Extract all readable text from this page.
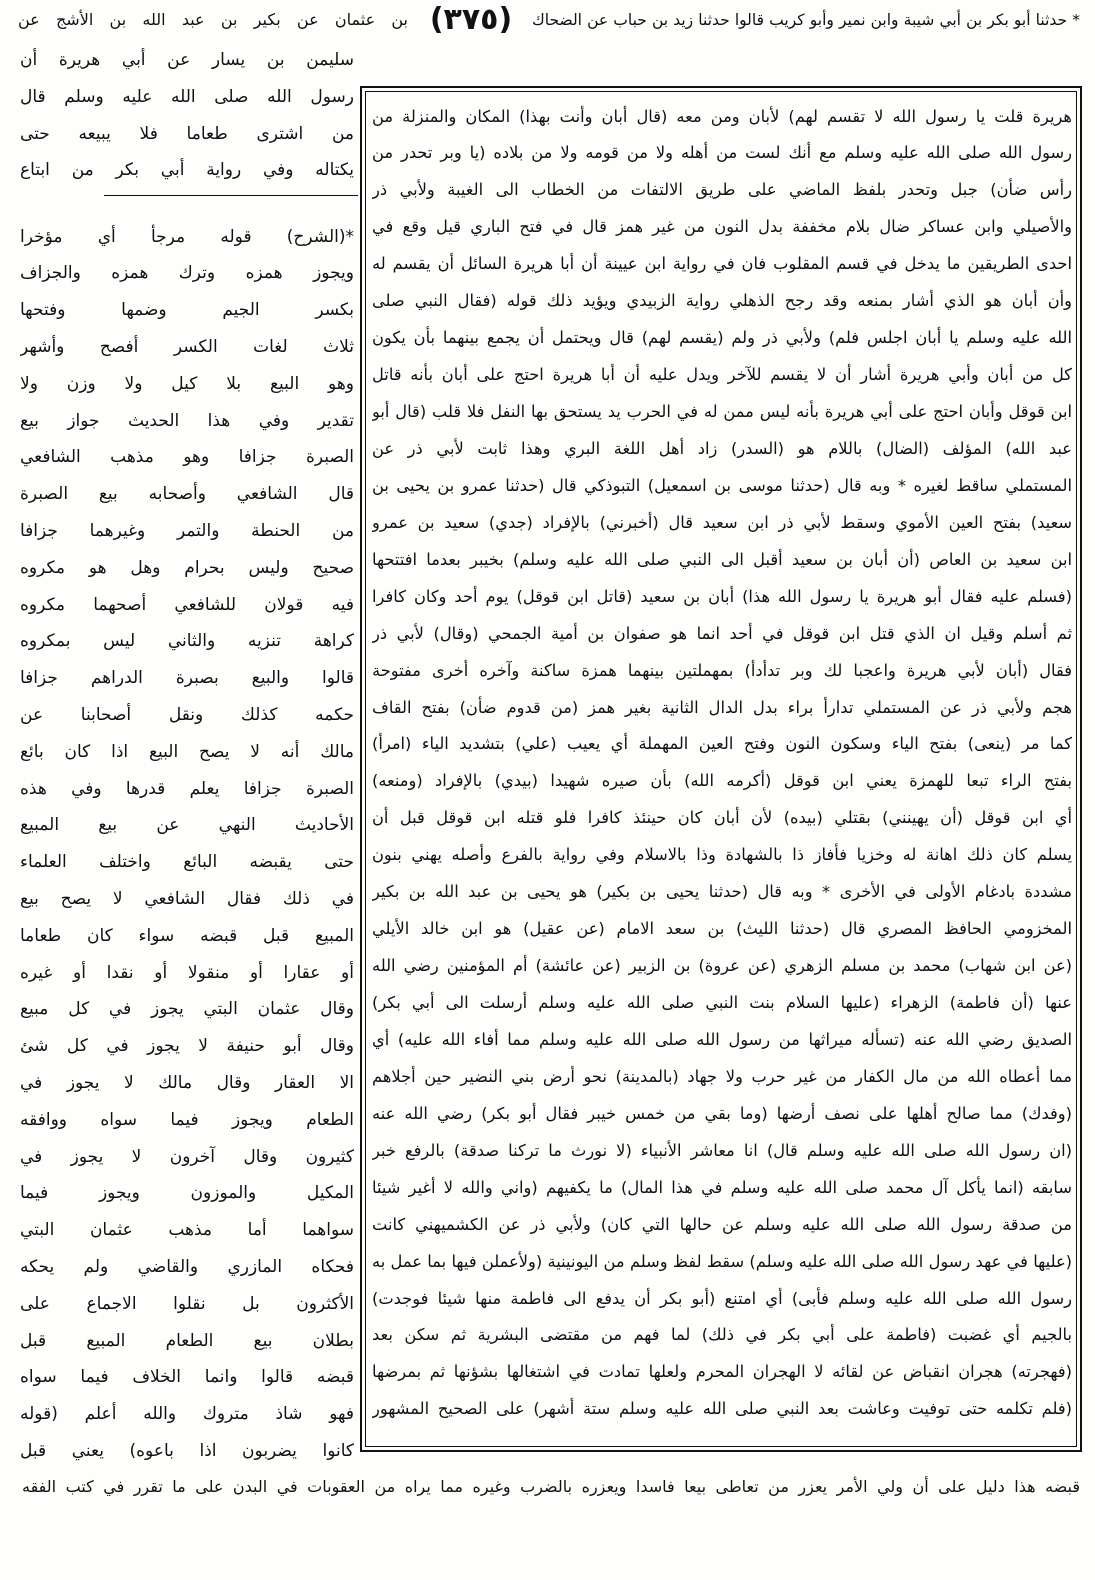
* حدثنا أبو بكر بن أبي شيبة وابن نمير وأبو كريب قالوا حدثنا زيد بن حباب عن الضحاك
(٣٧٥)
بن عثمان عن بكير بن عبد الله بن الأشج عن
سليمن بن يسار عن أبي هريرة أن
رسول الله صلى الله عليه وسلم قال
من اشترى طعاما فلا يبيعه حتى
يكتاله وفي رواية أبي بكر من ابتاع
*(الشرح) قوله مرجأ أي مؤخرا
ويجوز همزه وترك همزه والجزاف
بكسر الجيم وضمها وفتحها
ثلاث لغات الكسر أفصح وأشهر
وهو البيع بلا كيل ولا وزن ولا
تقدير وفي هذا الحديث جواز بيع
الصبرة جزافا وهو مذهب الشافعي
قال الشافعي وأصحابه بيع الصبرة
من الحنطة والتمر وغيرهما جزافا
صحيح وليس بحرام وهل هو مكروه
فيه قولان للشافعي أصحهما مكروه
كراهة تنزيه والثاني ليس بمكروه
قالوا والبيع بصبرة الدراهم جزافا
حكمه كذلك ونقل أصحابنا عن
مالك أنه لا يصح البيع اذا كان بائع
الصبرة جزافا يعلم قدرها وفي هذه
الأحاديث النهي عن بيع المبيع
حتى يقبضه البائع واختلف العلماء
في ذلك فقال الشافعي لا يصح بيع
المبيع قبل قبضه سواء كان طعاما
أو عقارا أو منقولا أو نقدا أو غيره
وقال عثمان البتي يجوز في كل مبيع
وقال أبو حنيفة لا يجوز في كل شئ
الا العقار وقال مالك لا يجوز في
الطعام ويجوز فيما سواه ووافقه
كثيرون وقال آخرون لا يجوز في
المكيل والموزون ويجوز فيما
سواهما أما مذهب عثمان البتي
فحكاه المازري والقاضي ولم يحكه
الأكثرون بل نقلوا الاجماع على
بطلان بيع الطعام المبيع قبل
قبضه قالوا وانما الخلاف فيما سواه
فهو شاذ متروك والله أعلم (قوله
كانوا يضربون اذا باعوه) يعني قبل
هريرة قلت يا رسول الله لا تقسم لهم) لأبان ومن معه (قال أبان وأنت بهذا) المكان والمنزلة من
رسول الله صلى الله عليه وسلم مع أنك لست من أهله ولا من قومه ولا من بلاده (يا وبر تحدر من
رأس ضأن) جبل وتحدر بلفظ الماضي على طريق الالتفات من الخطاب الى الغيبة ولأبي ذر
والأصيلي وابن عساكر ضال بلام مخففة بدل النون من غير همز قال في فتح الباري قيل وقع في
احدى الطريقين ما يدخل في قسم المقلوب فان في رواية ابن عيينة أن أبا هريرة السائل أن يقسم له
وأن أبان هو الذي أشار بمنعه وقد رجح الذهلي رواية الزبيدي ويؤيد ذلك قوله (فقال النبي صلى
الله عليه وسلم يا أبان اجلس فلم) ولأبي ذر ولم (يقسم لهم) قال ويحتمل أن يجمع بينهما بأن يكون
كل من أبان وأبي هريرة أشار أن لا يقسم للآخر ويدل عليه أن أبا هريرة احتج على أبان بأنه قاتل
ابن قوقل وأبان احتج على أبي هريرة بأنه ليس ممن له في الحرب يد يستحق بها النفل فلا قلب (قال أبو
عبد الله) المؤلف (الضال) باللام هو (السدر) زاد أهل اللغة البري وهذا ثابت لأبي ذر عن
المستملي ساقط لغيره * وبه قال (حدثنا موسى بن اسمعيل) التبوذكي قال (حدثنا عمرو بن يحيى بن
سعيد) بفتح العين الأموي وسقط لأبي ذر ابن سعيد قال (أخبرني) بالإفراد (جدي) سعيد بن عمرو
ابن سعيد بن العاص (أن أبان بن سعيد أقبل الى النبي صلى الله عليه وسلم) بخيبر بعدما افتتحها
(فسلم عليه فقال أبو هريرة يا رسول الله هذا) أبان بن سعيد (قاتل ابن قوقل) يوم أحد وكان كافرا
ثم أسلم وقيل ان الذي قتل ابن قوقل في أحد انما هو صفوان بن أمية الجمحي (وقال) لأبي ذر
فقال (أبان لأبي هريرة واعجبا لك وبر تدأدأ) بمهملتين بينهما همزة ساكنة وآخره أخرى مفتوحة
هجم ولأبي ذر عن المستملي تدارأ براء بدل الدال الثانية بغير همز (من قدوم ضأن) بفتح القاف
كما مر (ينعى) بفتح الياء وسكون النون وفتح العين المهملة أي يعيب (علي) بتشديد الياء (امرأ)
بفتح الراء تبعا للهمزة يعني ابن قوقل (أكرمه الله) بأن صيره شهيدا (بيدي) بالإفراد (ومنعه)
أي ابن قوقل (أن يهينني) بقتلي (بيده) لأن أبان كان حينئذ كافرا فلو قتله ابن قوقل قبل أن
يسلم كان ذلك اهانة له وخزيا فأفاز ذا بالشهادة وذا بالاسلام وفي رواية بالفرع وأصله يهني بنون
مشددة بادغام الأولى في الأخرى * وبه قال (حدثنا يحيى بن بكير) هو يحيى بن عبد الله بن بكير
المخزومي الحافظ المصري قال (حدثنا الليث) بن سعد الامام (عن عقيل) هو ابن خالد الأيلي
(عن ابن شهاب) محمد بن مسلم الزهري (عن عروة) بن الزبير (عن عائشة) أم المؤمنين رضي الله
عنها (أن فاطمة) الزهراء (عليها السلام بنت النبي صلى الله عليه وسلم أرسلت الى أبي بكر)
الصديق رضي الله عنه (تسأله ميراثها من رسول الله صلى الله عليه وسلم مما أفاء الله عليه) أي
مما أعطاه الله من مال الكفار من غير حرب ولا جهاد (بالمدينة) نحو أرض بني النضير حين أجلاهم
(وفدك) مما صالح أهلها على نصف أرضها (وما بقي من خمس خيبر فقال أبو بكر) رضي الله عنه
(ان رسول الله صلى الله عليه وسلم قال) انا معاشر الأنبياء (لا نورث ما تركنا صدقة) بالرفع خبر
سابقه (انما يأكل آل محمد صلى الله عليه وسلم في هذا المال) ما يكفيهم (واني والله لا أغير شيئا
من صدقة رسول الله صلى الله عليه وسلم عن حالها التي كان) ولأبي ذر عن الكشميهني كانت
(عليها في عهد رسول الله صلى الله عليه وسلم) سقط لفظ وسلم من اليونينية (ولأعملن فيها بما عمل به
رسول الله صلى الله عليه وسلم فأبى) أي امتنع (أبو بكر أن يدفع الى فاطمة منها شيئا فوجدت)
بالجيم أي غضبت (فاطمة على أبي بكر في ذلك) لما فهم من مقتضى البشرية ثم سكن بعد
(فهجرته) هجران انقباض عن لقائه لا الهجران المحرم ولعلها تمادت في اشتغالها بشؤنها ثم بمرضها
(فلم تكلمه حتى توفيت وعاشت بعد النبي صلى الله عليه وسلم ستة أشهر) على الصحيح المشهور
قبضه هذا دليل على أن ولي الأمر يعزر من تعاطى بيعا فاسدا ويعزره بالضرب وغيره مما يراه من العقوبات في البدن على ما تقرر في كتب الفقه
